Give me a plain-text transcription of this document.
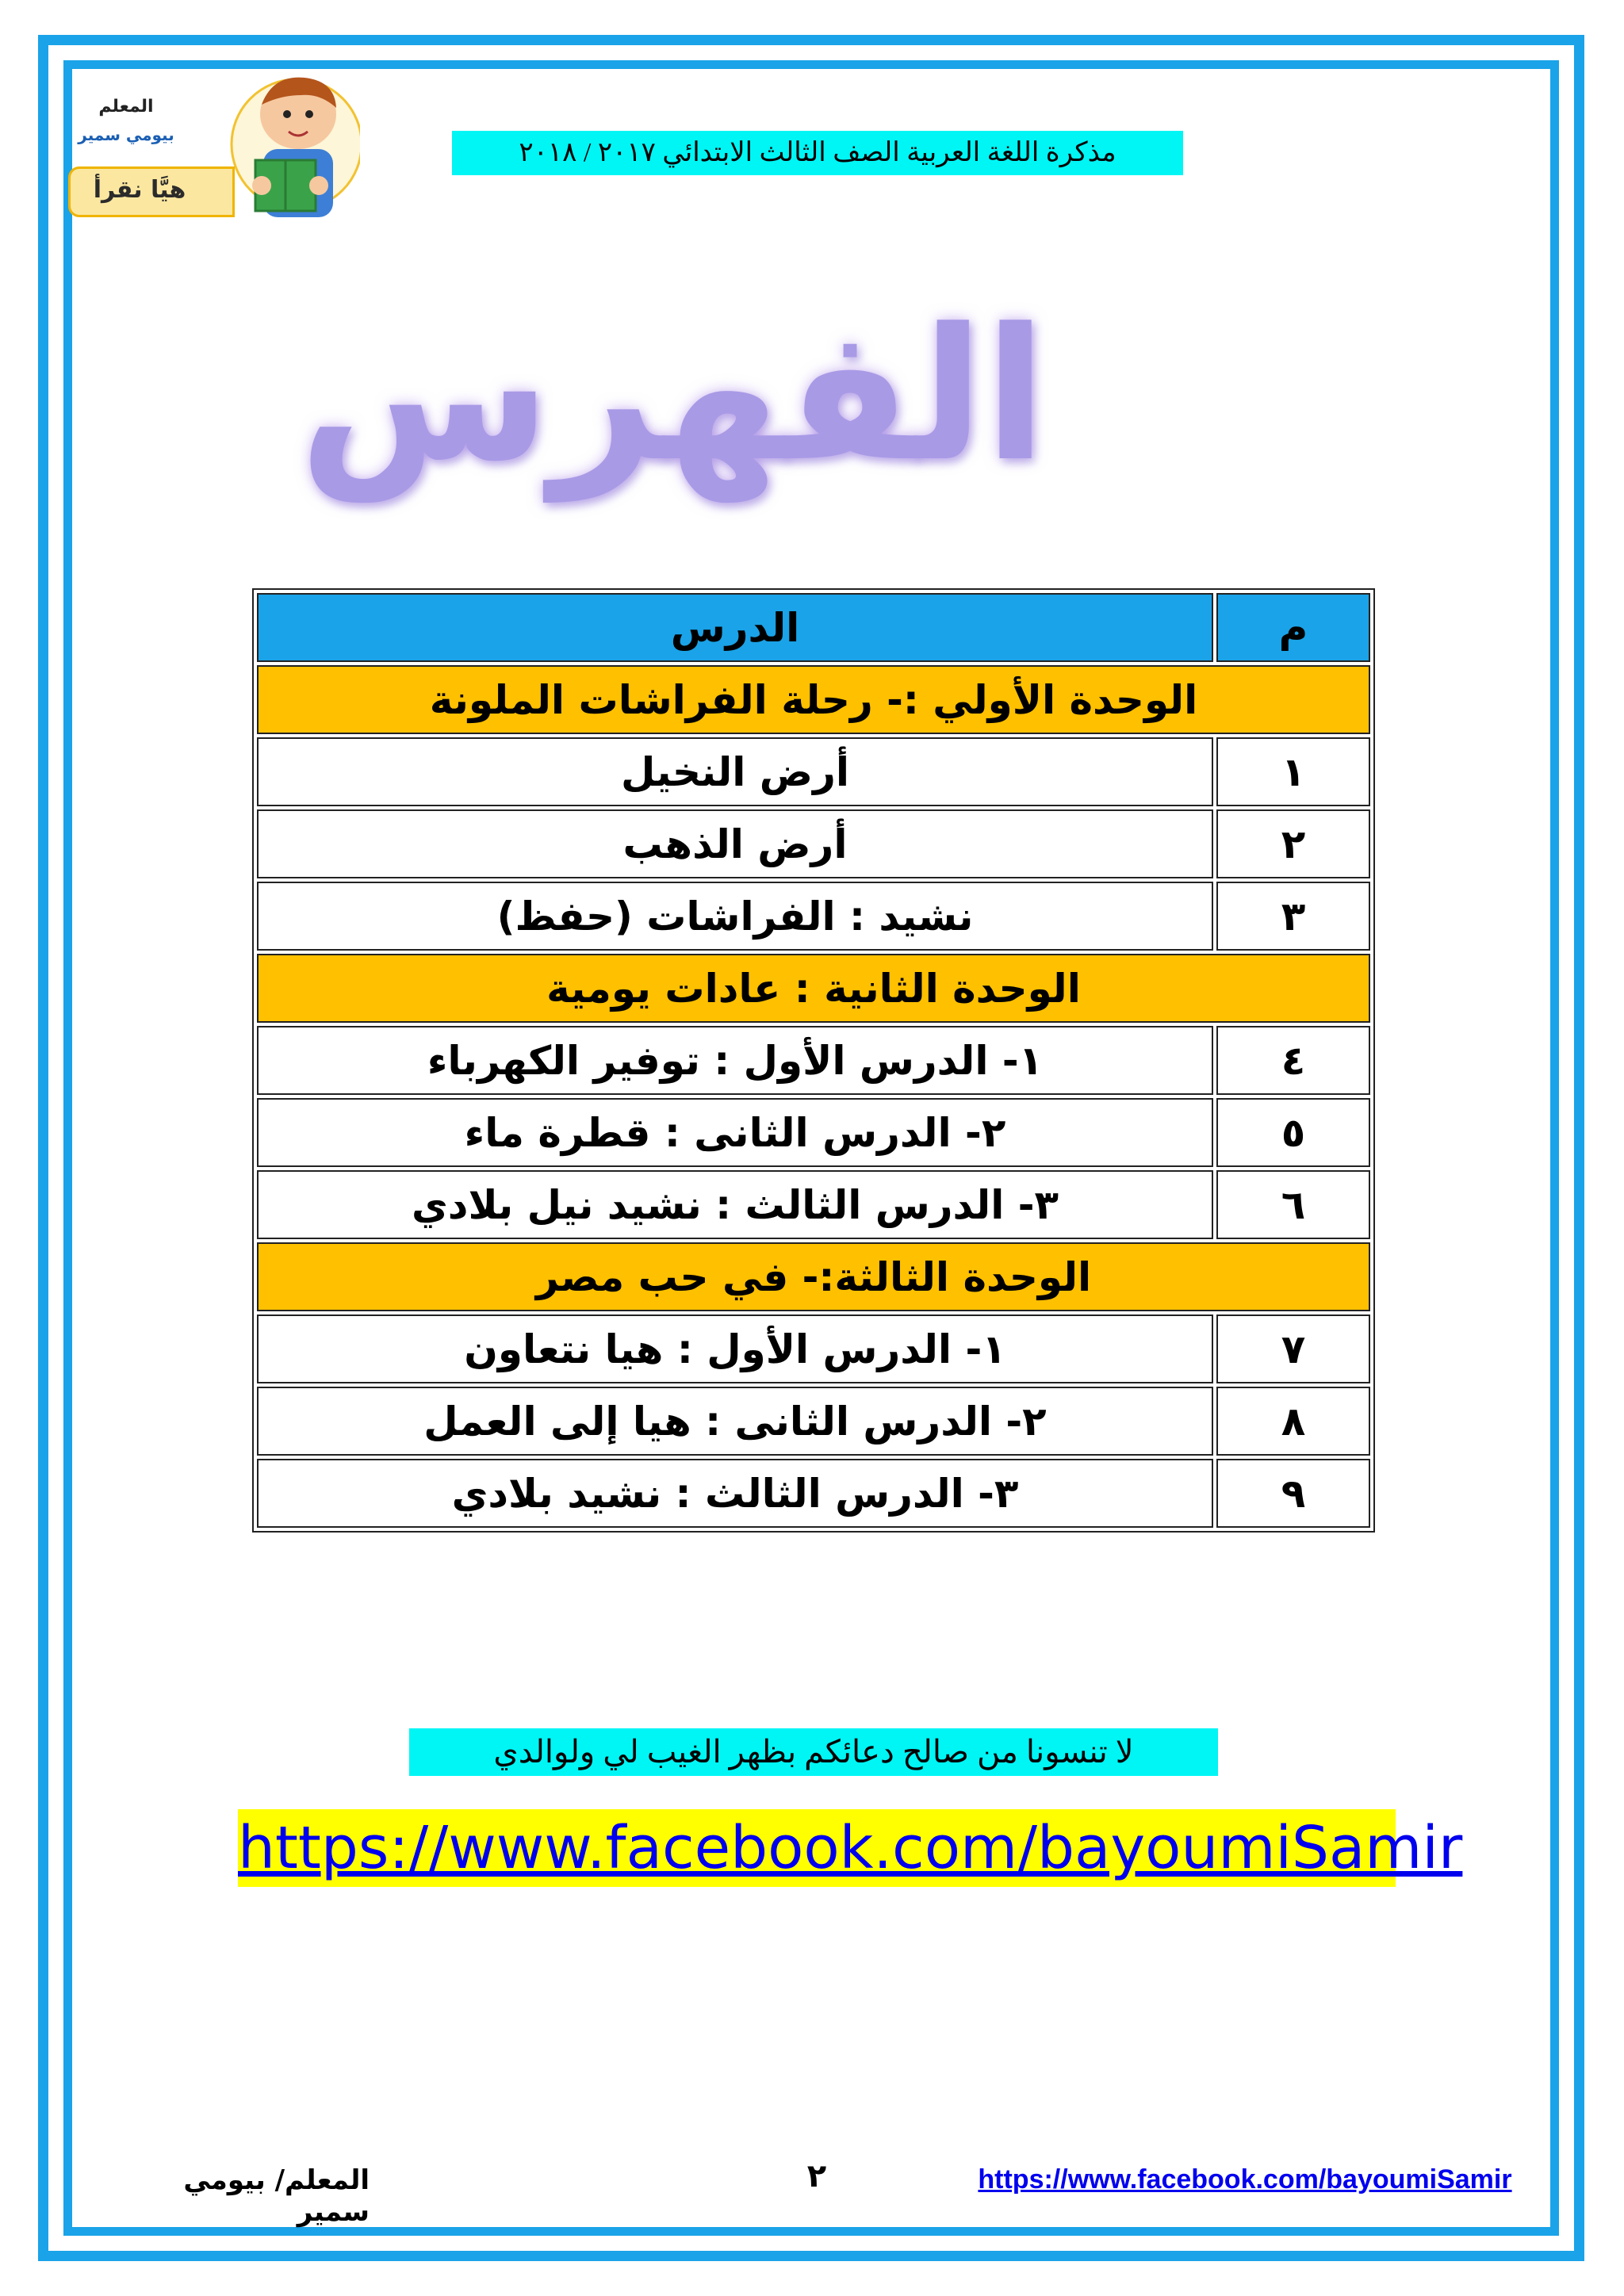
المعلم
بيومي سمير
هيَّا نقرأ
مذكرة اللغة العربية الصف الثالث الابتدائي ٢٠١٧ / ٢٠١٨
الفهرس
م	الدرس
الوحدة الأولي :- رحلة الفراشات الملونة	
١	أرض النخيل
٢	أرض الذهب
٣	نشيد : الفراشات (حفظ)
الوحدة الثانية : عادات يومية	
٤	١- الدرس الأول : توفير الكهرباء
٥	٢- الدرس الثانى : قطرة ماء
٦	٣- الدرس الثالث : نشيد نيل بلادي
الوحدة الثالثة:- في حب مصر	
٧	١- الدرس الأول : هيا نتعاون
٨	٢- الدرس الثانى : هيا إلى العمل
٩	٣- الدرس الثالث : نشيد بلادي
لا تنسونا من صالح دعائكم بظهر الغيب لي ولوالدي
https://www.facebook.com/bayoumiSamir
المعلم/ بيومي سمير
٢	https://www.facebook.com/bayoumiSamir
